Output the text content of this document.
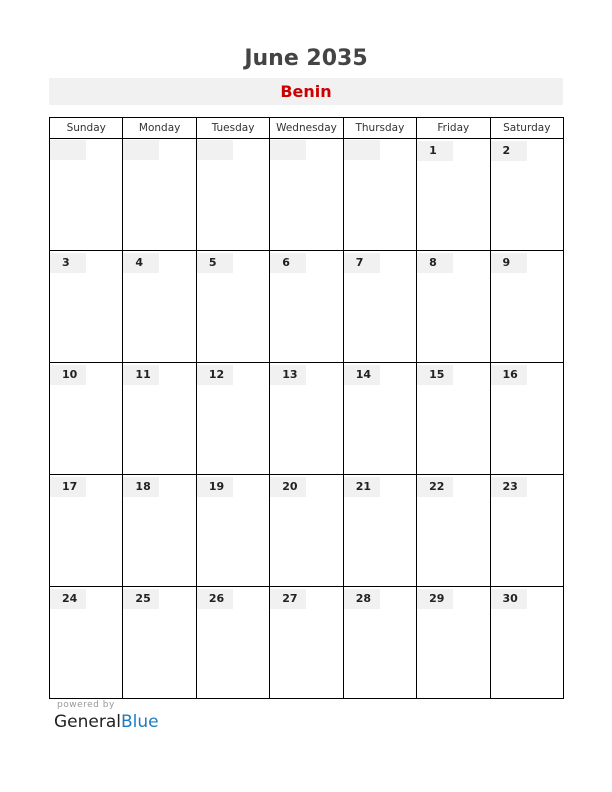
June 2035
Benin
Sunday	Monday	Tuesday	Wednesday	Thursday	Friday	Saturday
					1	2
3	4	5	6	7	8	9
10	11	12	13	14	15	16
17	18	19	20	21	22	23
24	25	26	27	28	29	30
powered by
GeneralBlue
